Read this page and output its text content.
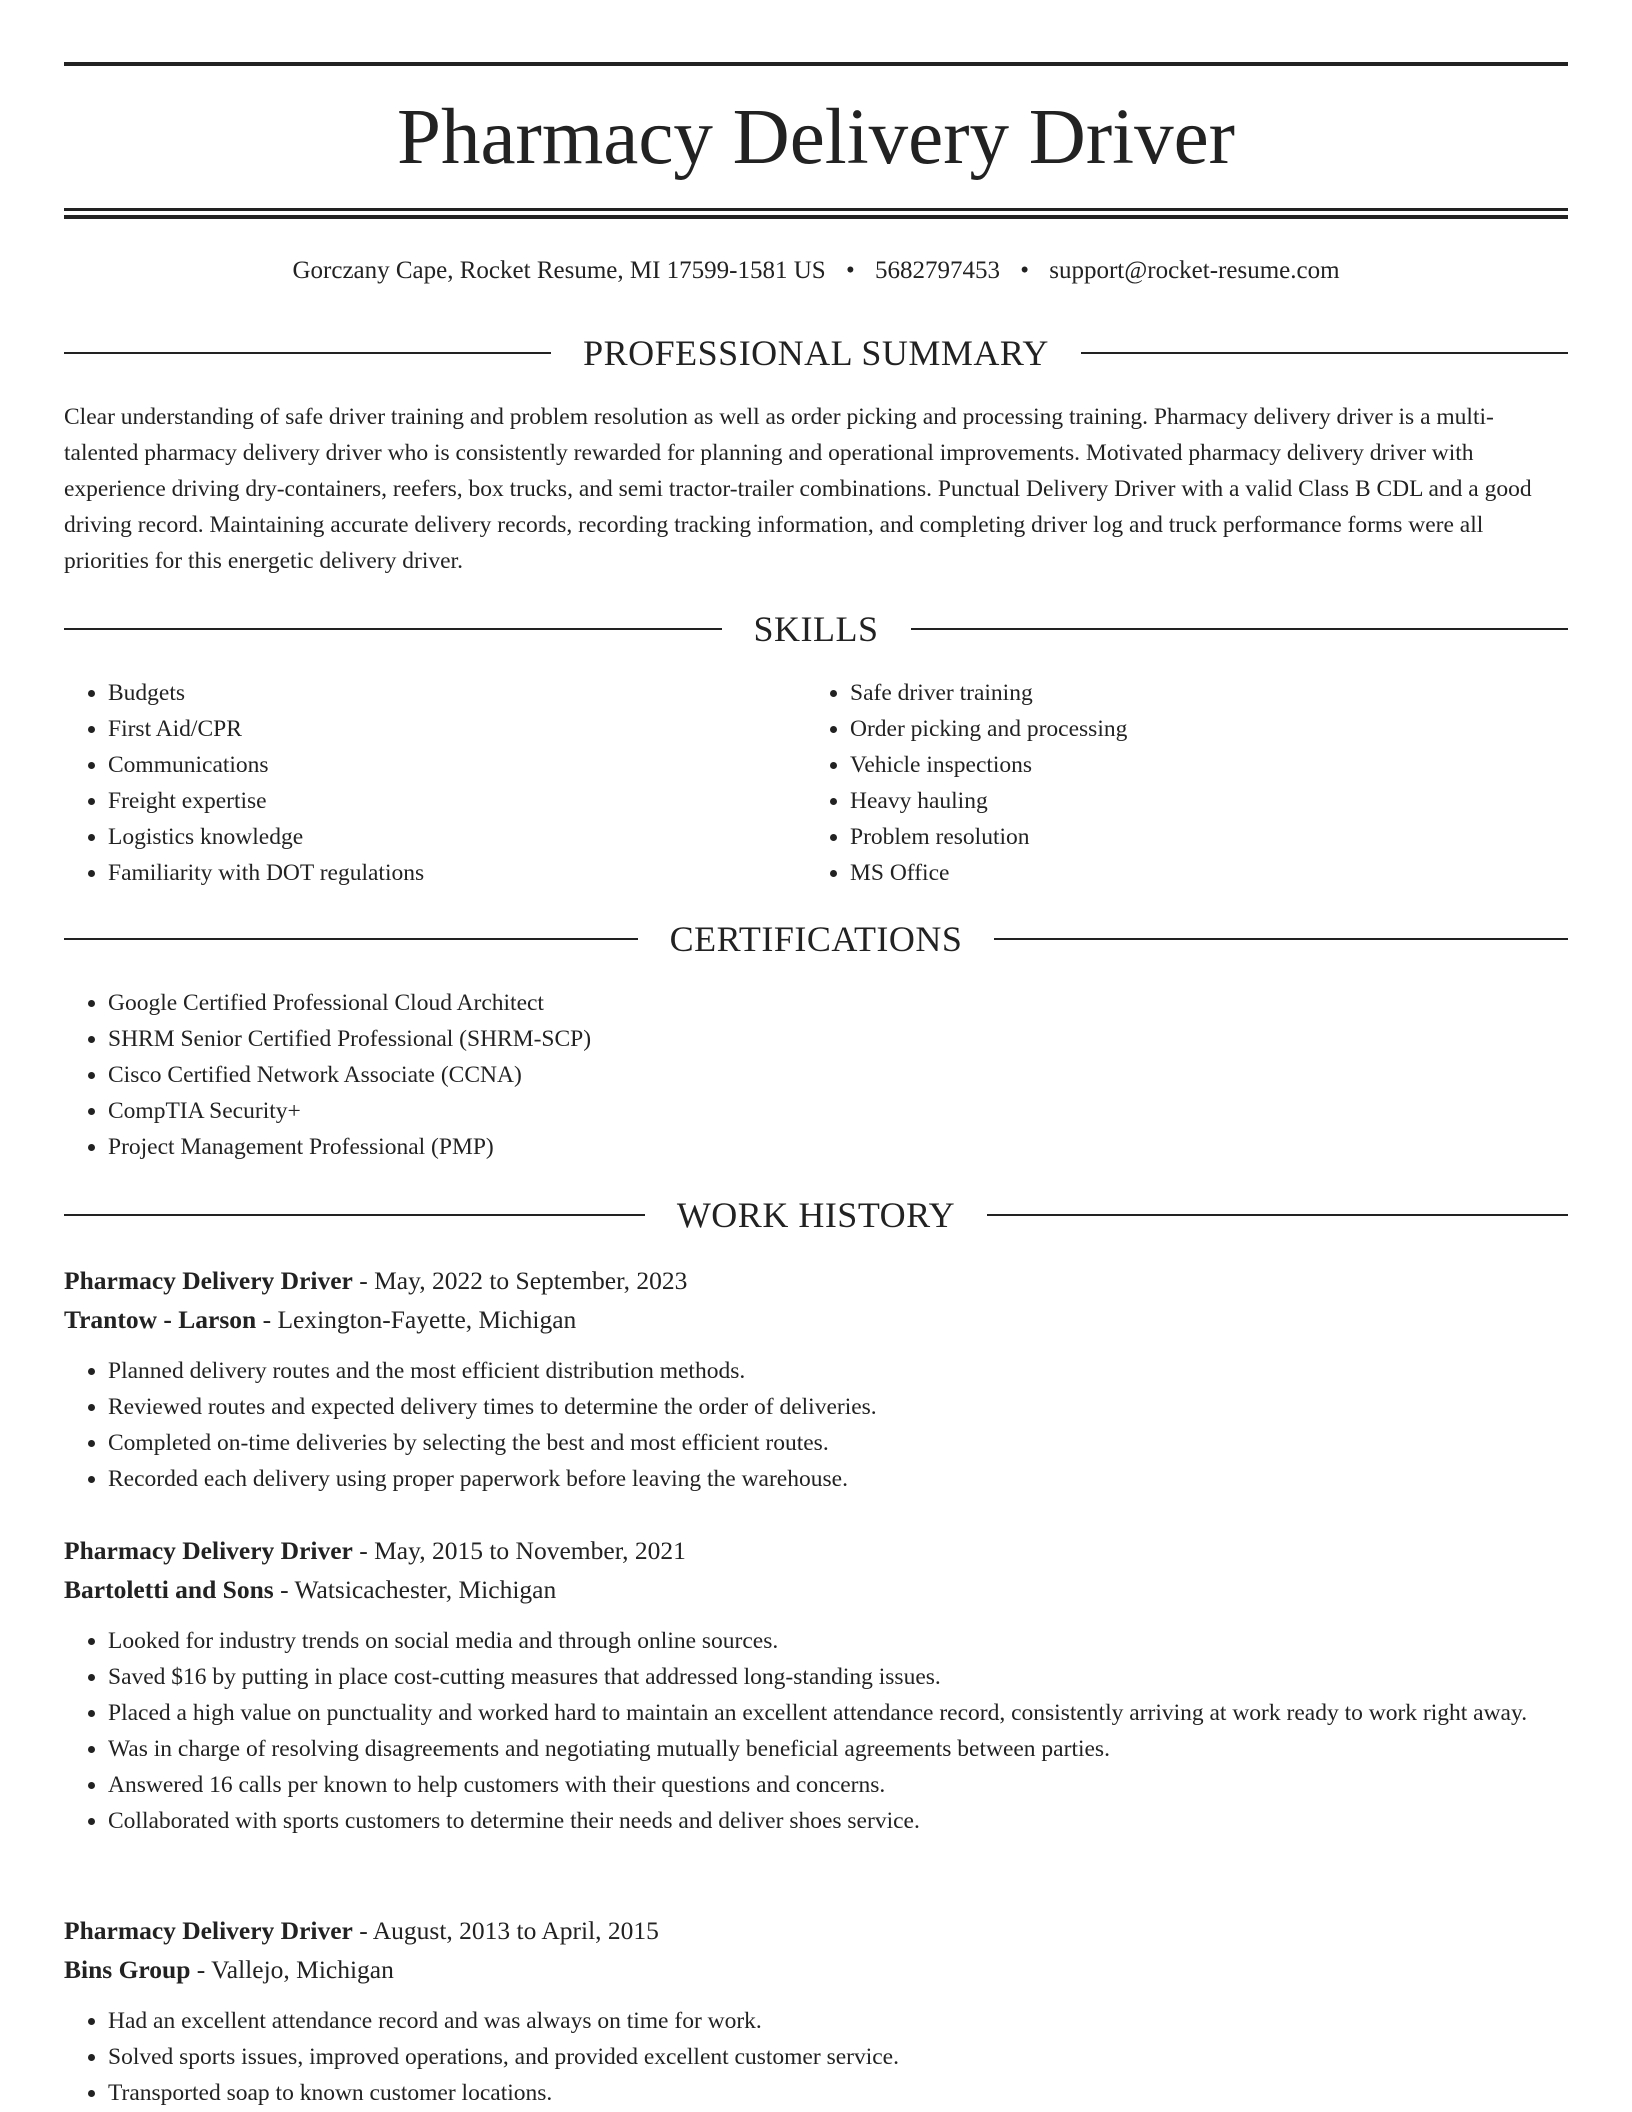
Pharmacy Delivery Driver
Gorczany Cape, Rocket Resume, MI 17599-1581 US • 5682797453 • support@rocket-resume.com
PROFESSIONAL SUMMARY

Clear understanding of safe driver training and problem resolution as well as order picking and processing training. Pharmacy delivery driver is a multi-talented pharmacy delivery driver who is consistently rewarded for planning and operational improvements. Motivated pharmacy delivery driver with experience driving dry-containers, reefers, box trucks, and semi tractor-trailer combinations. Punctual Delivery Driver with a valid Class B CDL and a good driving record. Maintaining accurate delivery records, recording tracking information, and completing driver log and truck performance forms were all priorities for this energetic delivery driver.

SKILLS
• Budgets
• First Aid/CPR
• Communications
• Freight expertise
• Logistics knowledge
• Familiarity with DOT regulations
• Safe driver training
• Order picking and processing
• Vehicle inspections
• Heavy hauling
• Problem resolution
• MS Office
CERTIFICATIONS
• Google Certified Professional Cloud Architect
• SHRM Senior Certified Professional (SHRM-SCP)
• Cisco Certified Network Associate (CCNA)
• CompTIA Security+
• Project Management Professional (PMP)
WORK HISTORY
Pharmacy Delivery Driver - May, 2022 to September, 2023
Trantow - Larson - Lexington-Fayette, Michigan
• Planned delivery routes and the most efficient distribution methods.
• Reviewed routes and expected delivery times to determine the order of deliveries.
• Completed on-time deliveries by selecting the best and most efficient routes.
• Recorded each delivery using proper paperwork before leaving the warehouse.
Pharmacy Delivery Driver - May, 2015 to November, 2021
Bartoletti and Sons - Watsicachester, Michigan
• Looked for industry trends on social media and through online sources.
• Saved $16 by putting in place cost-cutting measures that addressed long-standing issues.
• Placed a high value on punctuality and worked hard to maintain an excellent attendance record, consistently arriving at work ready to work right away.
• Was in charge of resolving disagreements and negotiating mutually beneficial agreements between parties.
• Answered 16 calls per known to help customers with their questions and concerns.
• Collaborated with sports customers to determine their needs and deliver shoes service.
Pharmacy Delivery Driver - August, 2013 to April, 2015
Bins Group - Vallejo, Michigan
• Had an excellent attendance record and was always on time for work.
• Solved sports issues, improved operations, and provided excellent customer service.
• Transported soap to known customer locations.
